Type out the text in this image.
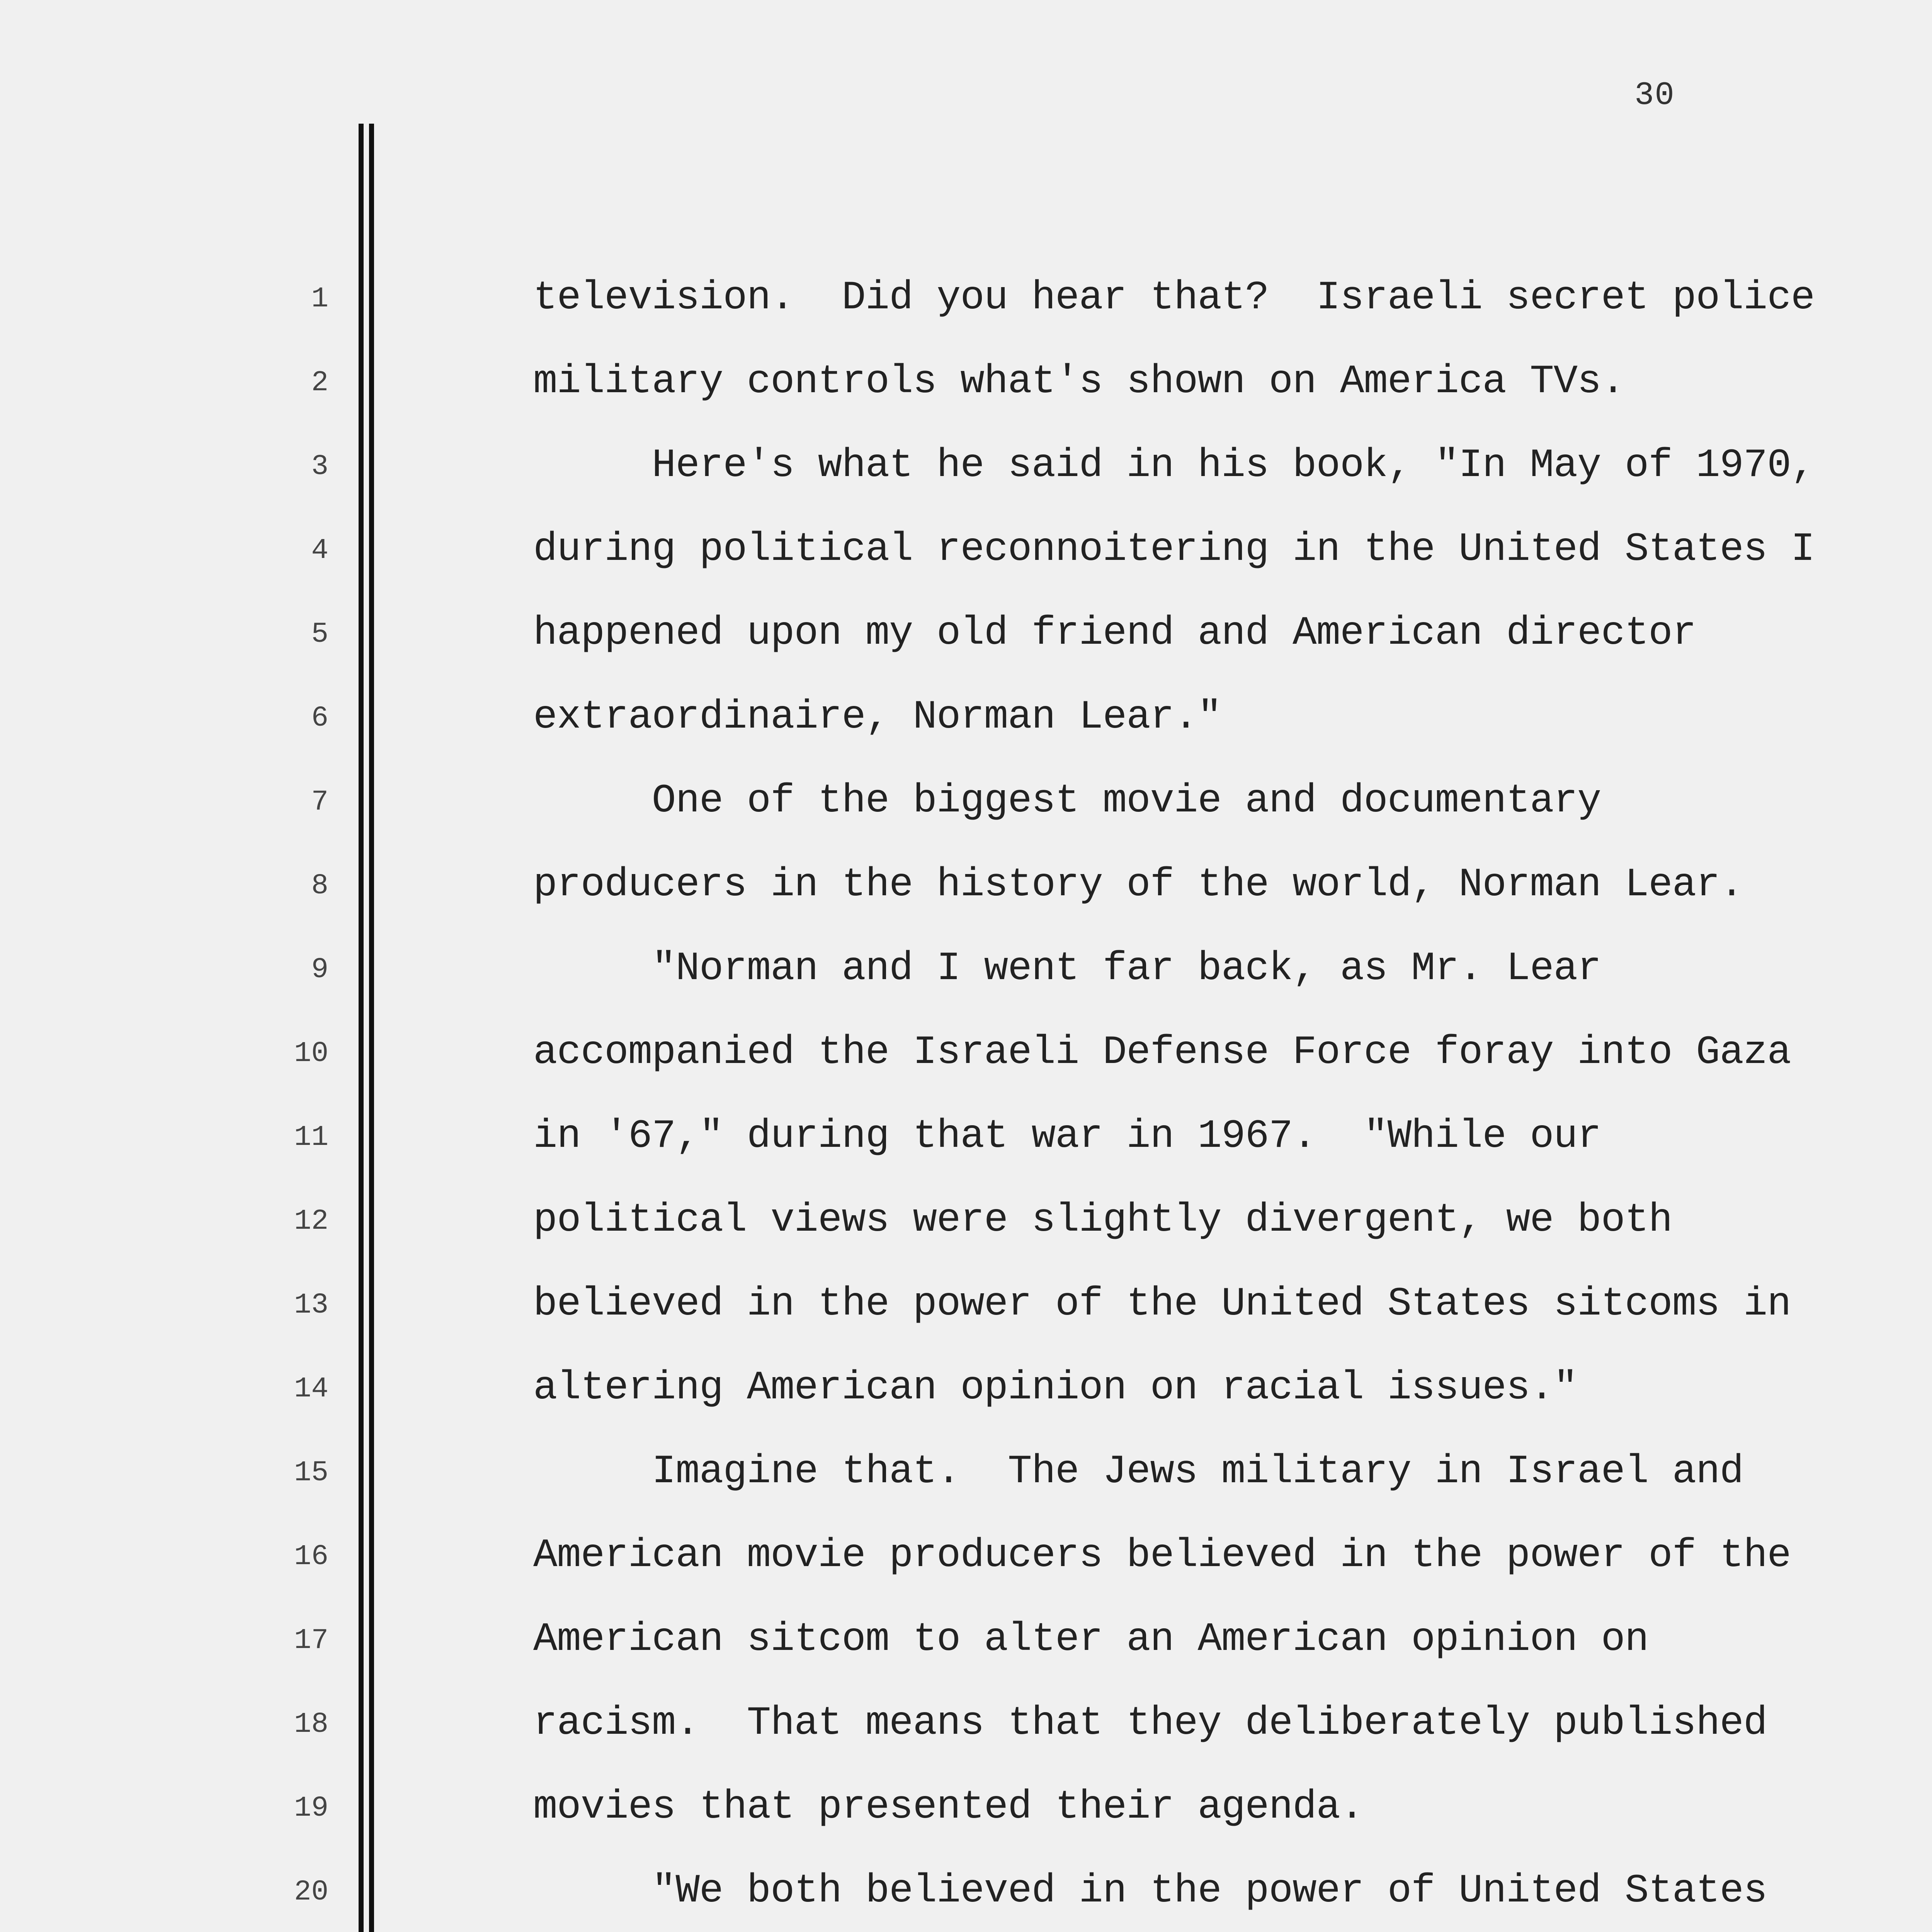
30
1
2
3
4
5
6
7
8
9
10
11
12
13
14
15
16
17
18
19
20
television.  Did you hear that?  Israeli secret police
military controls what's shown on America TVs.
Here's what he said in his book, "In May of 1970,
during political reconnoitering in the United States I
happened upon my old friend and American director
extraordinaire, Norman Lear."
One of the biggest movie and documentary
producers in the history of the world, Norman Lear.
"Norman and I went far back, as Mr. Lear
accompanied the Israeli Defense Force foray into Gaza
in '67," during that war in 1967.  "While our
political views were slightly divergent, we both
believed in the power of the United States sitcoms in
altering American opinion on racial issues."
Imagine that.  The Jews military in Israel and
American movie producers believed in the power of the
American sitcom to alter an American opinion on
racism.  That means that they deliberately published
movies that presented their agenda.
"We both believed in the power of United States
